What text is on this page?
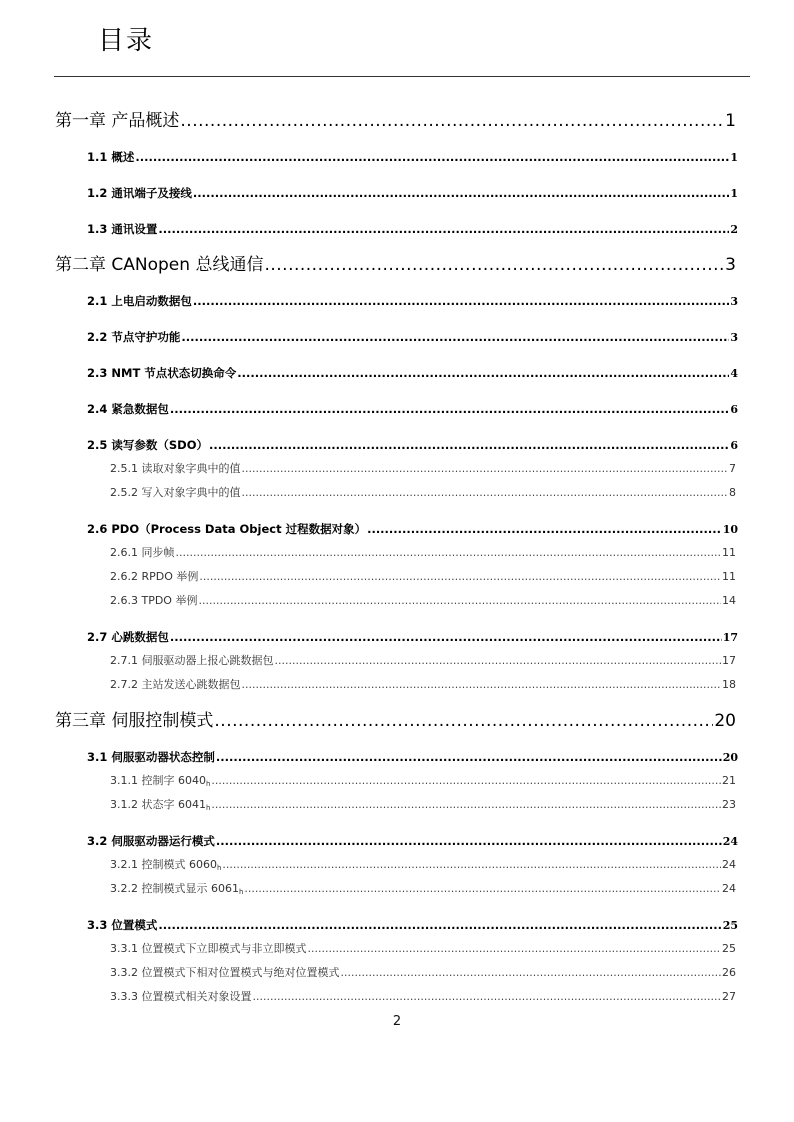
目录
第一章 产品概述 .....	1
1.1 概述 .....	1
1.2 通讯端子及接线 .....	1
1.3 通讯设置 .....	2
第二章 CANopen 总线通信 .....	3
2.1 上电启动数据包 .....	3
2.2 节点守护功能 .....	3
2.3 NMT 节点状态切换命令 .....	4
2.4 紧急数据包 .....	6
2.5 读写参数（SDO） .....	6
2.5.1 读取对象字典中的值 .....	7
2.5.2 写入对象字典中的值 .....	8
2.6 PDO（Process Data Object 过程数据对象） .....	10
2.6.1 同步帧 .....	11
2.6.2 RPDO 举例 .....	11
2.6.3 TPDO 举例 .....	14
2.7 心跳数据包 .....	17
2.7.1 伺服驱动器上报心跳数据包 .....	17
2.7.2 主站发送心跳数据包 .....	18
第三章 伺服控制模式 .....	20
3.1 伺服驱动器状态控制 .....	20
3.1.1 控制字 $6040_h$ .....	21
3.1.2 状态字 $6041_h$ .....	23
3.2 伺服驱动器运行模式 .....	24
3.2.1 控制模式 $6060_h$ .....	24
3.2.2 控制模式显示 $6061_h$ .....	24
3.3 位置模式 .....	25
3.3.1 位置模式下立即模式与非立即模式 .....	25
3.3.2 位置模式下相对位置模式与绝对位置模式 .....	26
3.3.3 位置模式相关对象设置 .....	27
2
